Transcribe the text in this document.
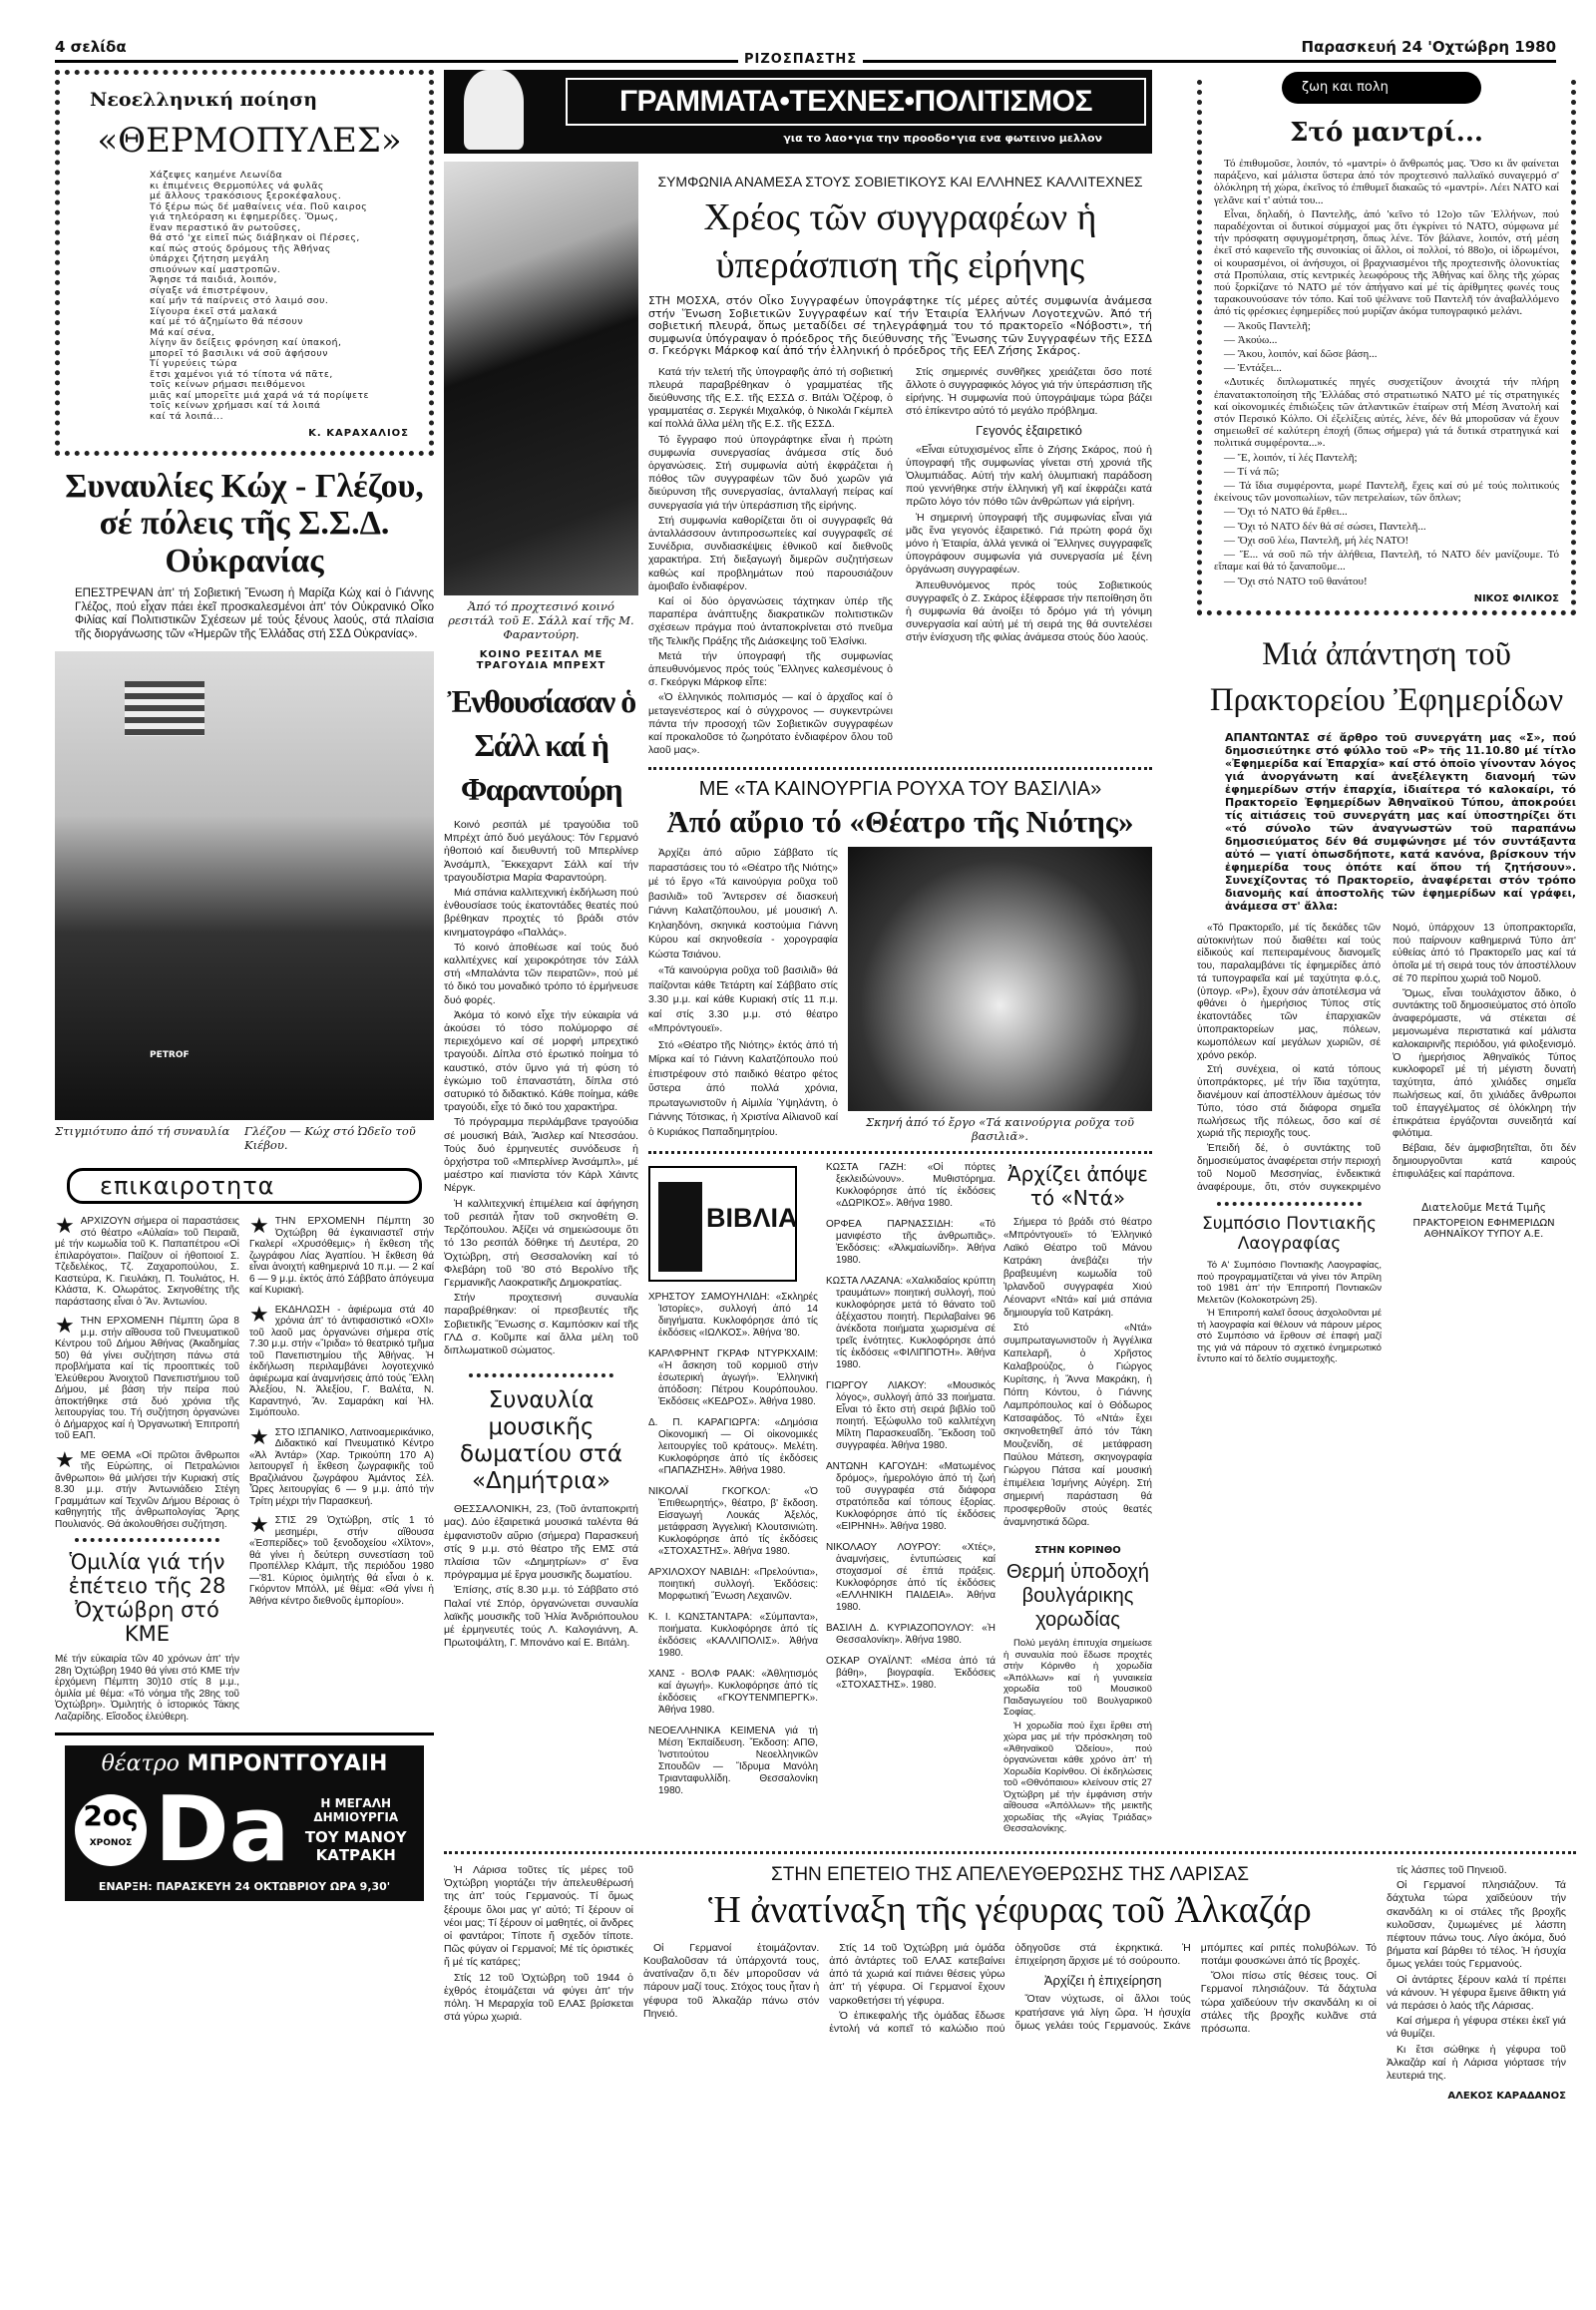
4 σελίδα
ΡΙΖΟΣΠΑΣΤΗΣ
Παρασκευή 24 'Οχτώβρη 1980
Νεοελληνική ποίηση
«ΘΕΡΜΟΠΥΛΕΣ»
Χάζεψες καημένε Λεωνίδα
κι ἐπιμένεις Θερμοπύλες νά φυλᾶς
μέ ἄλλους τρακόσιους ξεροκέφαλους.
Τό ξέρω πώς δέ μαθαίνεις νέα. Ποῦ καιρος
γιά τηλεόραση κι ἐφημερίδες. Ὅμως,
ἕναν περαστικό ἄν ρωτοῦσες,
θά στό 'χε εἰπεῖ πώς διάβηκαν οἱ Πέρσες,
καί πώς στούς δρόμους τῆς Ἀθήνας
ὑπάρχει ζήτηση μεγάλη
σπιούνων καί μαστροπῶν.
Ἄφησε τά παιδιά, λοιπόν,
σίγαξε νά ἐπιστρέψουν,
καί μήν τά παίρνεις στό λαιμό σου.
Σίγουρα ἐκεῖ στά μαλακά
καί μέ τό ἀζημίωτο θά πέσουν
Μά καί σένα,
λίγην ἄν δείξεις φρόνηση καί ὑπακοή,
μπορεῖ τό βασιλικι νά σοῦ ἀφήσουν
Τί γυρεύεις τώρα
ἔτσι χαμένοι γιά τό τίποτα νά πᾶτε,
τοῖς κείνων ρήμασι πειθόμενοι
μιᾶς καί μπορεῖτε μιά χαρά νά τά πορίψετε
τοῖς κείνων χρήμασι καί τά λοιπά
καί τά λοιπά...
Κ. ΚΑΡΑΧΑΛΙΟΣ
Συναυλίες Κώχ - Γλέζου, σέ πόλεις τῆς Σ.Σ.Δ. Οὐκρανίας
ΕΠΕΣΤΡΕΨΑΝ ἀπ' τή Σοβιετική Ἕνωση ἡ Μαρίζα Κώχ καί ὁ Γιάννης Γλέζος, πού εἶχαν πάει ἐκεῖ προσκαλεσμένοι ἀπ' τόν Οὐκρανικό Οἶκο Φιλίας καί Πολιτιστικῶν Σχέσεων μέ τούς ξένους λαούς, στά πλαίσια τῆς διοργάνωσης τῶν «Ἡμερῶν τῆς Ἑλλάδας στή ΣΣΔ Οὐκρανίας».
PETROF
Στιγμιότυπο ἀπό τή συναυλία	Γλέζου — Κώχ στό Ὠδεῖο τοῦ Κιέβου.
επικαιροτητα
★ ΑΡΧΙΖΟΥΝ σήμερα οἱ παραστάσεις στό θέατρο «Αὐλαία» τοῦ Πειραιᾶ, μέ τήν κωμωδία τοῦ Κ. Παπαπέτρου «Οἱ ἐπιλαρόγατοι». Παίζουν οἱ ἠθοποιοί Σ. Τζεδελέκος, Τζ. Ζαχαροπούλου, Σ. Καστεύρα, Κ. Γιευλάκη, Π. Τουλιάτος, Η. Κλάστα, Κ. Ολωράτος. Σκηνοθέτης τῆς παράστασης εἶναι ὁ Ἄν. Ἀντωνίου.
★ ΤΗΝ ΕΡΧΟΜΕΝΗ Πέμπτη ὥρα 8 μ.μ. στήν αἴθουσα τοῦ Πνευματικοῦ Κέντρου τοῦ Δήμου Ἀθήνας (Ἀκαδημίας 50) θά γίνει συζήτηση πάνω στά προβλήματα καί τίς προοπτικές τοῦ Ἐλεύθερου Ἀνοιχτοῦ Πανεπιστήμιου τοῦ Δήμου, μέ βάση τήν πείρα πού ἀποκτήθηκε στά δυό χρόνια τῆς λειτουργίας του. Τή συζήτηση ὀργανώνει ὁ Δήμαρχος καί ἡ Ὀργανωτική Ἐπιτροπή τοῦ ΕΑΠ.
★ ΜΕ ΘΕΜΑ «Οἱ πρῶτοι ἄνθρωποι τῆς Εὐρώπης, οἱ Πετραλώνιοι ἄνθρωποι» θά μιλήσει τήν Κυριακή στίς 8.30 μ.μ. στήν Ἀντωνιάδειο Στέγη Γραμμάτων καί Τεχνῶν Δήμου Βέροιας ὁ καθηγητής τῆς ἀνθρωπολογίας Ἄρης Πουλιανός. Θά ἀκολουθήσει συζήτηση.
Ὁμιλία γιά τήν ἐπέτειο τῆς 28 Ὀχτώβρη στό ΚΜΕ
Μέ τήν εὐκαιρία τῶν 40 χρόνων ἀπ' τήν 28η Ὀχτώβρη 1940 θά γίνει στό ΚΜΕ τήν ἐρχόμενη Πέμπτη 30)10 στίς 8 μ.μ., ὁμιλία μέ θέμα: «Τό νόημα τῆς 28ης τοῦ Ὀχτώβρη». Ὁμιλητής ὁ ἱστορικός Τάκης Λαζαρίδης. Εἴσοδος ἐλεύθερη.
★ ΤΗΝ ΕΡΧΟΜΕΝΗ Πέμπτη 30 Ὀχτώβρη θά ἐγκαινιαστεῖ στήν Γκαλερί «Χρυσόθεμις» ἡ ἔκθεση τῆς ζωγράφου Λίας Ἀγαπίου. Ἡ ἔκθεση θά εἶναι ἀνοιχτή καθημερινά 10 π.μ. — 2 καί 6 — 9 μ.μ. ἐκτός ἀπό Σάββατο ἀπόγευμα καί Κυριακή.
★ ΕΚΔΗΛΩΣΗ - ἀφιέρωμα στά 40 χρόνια ἀπ' τό ἀντιφασιστικό «ΟΧΙ» τοῦ λαοῦ μας ὀργανώνει σήμερα στίς 7.30 μ.μ. στήν «Ἴριδα» τό θεατρικό τμῆμα τοῦ Πανεπιστημίου τῆς Ἀθήνας. Ἡ ἐκδήλωση περιλαμβάνει λογοτεχνικό ἀφιέρωμα καί ἀναμνήσεις ἀπό τούς Ἕλλη Ἀλεξίου, Ν. Ἀλεξίου, Γ. Βαλέτα, Ν. Καραντηνό, Ἄν. Σαμαράκη καί Ἡλ. Σιμόπουλο.
★ ΣΤΟ ΙΣΠΑΝΙΚΟ, Λατινοαμερικάνικο, Διδακτικό καί Πνευματικό Κέντρο «Ἀλ Ἀντάρ» (Χαρ. Τρικούπη 170 Α) λειτουργεῖ ἡ ἔκθεση ζωγραφικῆς τοῦ Βραζιλιάνου ζωγράφου Ἀμάντος Σέλ. Ὧρες λειτουργίας 6 — 9 μ.μ. ἀπό τήν Τρίτη μέχρι τήν Παρασκευή.
★ ΣΤΙΣ 29 Ὀχτώβρη, στίς 1 τό μεσημέρι, στήν αἴθουσα «Ἑσπερίδες» τοῦ ξενοδοχείου «Χίλτον», θά γίνει ἡ δεύτερη συνεστίαση τοῦ Προπέλλερ Κλάμπ, τῆς περιόδου 1980—'81. Κύριος ὁμιλητής θά εἶναι ὁ κ. Γκόρντον Μπόλλ, μέ θέμα: «Θά γίνει ἡ Ἀθήνα κέντρο διεθνοῦς ἐμπορίου».
θέατρο ΜΠΡΟΝΤΓΟΥΑΙΗ
2ος
ΧΡΟΝΟΣ Da	Η ΜΕΓΑΛΗ ΔΗΜΙΟΥΡΓΙΑ
ΤΟΥ ΜΑΝΟΥ ΚΑΤΡΑΚΗ
ΕΝΑΡΞΗ: ΠΑΡΑΣΚΕΥΗ 24 ΟΚΤΩΒΡΙΟΥ ΩΡΑ 9,30'
ΓΡΑΜΜΑΤΑ•ΤΕΧΝΕΣ•ΠΟΛΙΤΙΣΜΟΣ
για το λαο•για την προοδο•για ενα φωτεινο μελλον
Ἀπό τό προχτεσινό κοινό ρεσιτάλ τοῦ Ε. Σάλλ καί τῆς Μ. Φαραντούρη.
ΚΟΙΝΟ ΡΕΣΙΤΑΛ ΜΕ ΤΡΑΓΟΥΔΙΑ ΜΠΡΕΧΤ
Ἐνθουσίασαν ὁ Σάλλ καί ἡ Φαραντούρη

Κοινό ρεσιτάλ μέ τραγούδια τοῦ Μπρέχτ ἀπό δυό μεγάλους: Τόν Γερμανό ἠθοποιό καί διευθυντή τοῦ Μπερλίνερ Ἀνσάμπλ, Ἔκκεχαρντ Σάλλ καί τήν τραγουδίστρια Μαρία Φαραντούρη.

Μιά σπάνια καλλιτεχνική ἐκδήλωση πού ἐνθουσίασε τούς ἑκατοντάδες θεατές πού βρέθηκαν προχτές τό βράδι στόν κινηματογράφο «Παλλάς».

Τό κοινό ἀποθέωσε καί τούς δυό καλλιτέχνες καί χειροκρότησε τόν Σάλλ στή «Μπαλάντα τῶν πειρατῶν», πού μέ τό δικό του μοναδικό τρόπο τό ἑρμήνευσε δυό φορές.

Ἀκόμα τό κοινό εἶχε τήν εὐκαιρία νά ἀκούσει τό τόσο πολύμορφο σέ περιεχόμενο καί σέ μορφή μπρεχτικό τραγούδι. Δίπλα στό ἐρωτικό ποίημα τό καυστικό, στόν ὕμνο γιά τή φύση τό ἐγκώμιο τοῦ ἐπαναστάτη, δίπλα στό σατυρικό τό διδακτικό. Κάθε ποίημα, κάθε τραγούδι, εἶχε τό δικό του χαρακτήρα.

Τό πρόγραμμα περιλάμβανε τραγούδια σέ μουσική Βάιλ, Ἄισλερ καί Ντεσσάου. Τούς δυό ἑρμηνευτές συνόδευσε ἡ ὀρχήστρα τοῦ «Μπερλίνερ Ἀνσάμπλ», μέ μαέστρο καί πιανίστα τόν Κάρλ Χάιντς Νέργκ.

Ἡ καλλιτεχνική ἐπιμέλεια καί ἀφήγηση τοῦ ρεσιτάλ ἦταν τοῦ σκηνοθέτη Θ. Τερζόπουλου. Ἀξίζει νά σημειώσουμε ὅτι τό 13ο ρεσιτάλ δόθηκε τή Δευτέρα, 20 Ὀχτώβρη, στή Θεσσαλονίκη καί τό Φλεβάρη τοῦ '80 στό Βερολίνο τῆς Γερμανικῆς Λαοκρατικῆς Δημοκρατίας.

Στήν προχτεσινή συναυλία παραβρέθηκαν: οἱ πρεσβευτές τῆς Σοβιετικῆς Ἕνωσης σ. Καμπόσκιν καί τῆς ΓΛΔ σ. Κοῦμπε καί ἄλλα μέλη τοῦ διπλωματικοῦ σώματος.

Συναυλία μουσικῆς δωματίου στά «Δημήτρια»

ΘΕΣΣΑΛΟΝΙΚΗ, 23, (Τοῦ ἀνταποκριτή μας). Δύο ἐξαιρετικά μουσικά ταλέντα θά ἐμφανιστοῦν αὔριο (σήμερα) Παρασκευή στίς 9 μ.μ. στό θέατρο τῆς ΕΜΣ στά πλαίσια τῶν «Δημητρίων» σ' ἕνα πρόγραμμα μέ ἔργα μουσικῆς δωματίου.

Ἐπίσης, στίς 8.30 μ.μ. τό Σάββατο στό Παλαί ντέ Σπόρ, ὀργανώνεται συναυλία λαϊκῆς μουσικῆς τοῦ Ἠλία Ἀνδριόπουλου μέ ἑρμηνευτές τούς Λ. Καλογιάννη, Α. Πρωτοψάλτη, Γ. Μπονάνο καί Ε. Βιτάλη.

ΣΥΜΦΩΝΙΑ ΑΝΑΜΕΣΑ ΣΤΟΥΣ ΣΟΒΙΕΤΙΚΟΥΣ ΚΑΙ ΕΛΛΗΝΕΣ ΚΑΛΛΙΤΕΧΝΕΣ
Χρέος τῶν συγγραφέων ἡ ὑπεράσπιση τῆς εἰρήνης
ΣΤΗ ΜΟΣΧΑ, στόν Οἶκο Συγγραφέων ὑπογράφτηκε τίς μέρες αὐτές συμφωνία ἀνάμεσα στήν Ἕνωση Σοβιετικῶν Συγγραφέων καί τήν Ἑταιρία Ἑλλήνων Λογοτεχνῶν. Ἀπό τή σοβιετική πλευρά, ὅπως μεταδίδει σέ τηλεγράφημά του τό πρακτορεῖο «Νόβοστι», τή συμφωνία ὑπόγραψαν ὁ πρόεδρος τῆς διεύθυνσης τῆς Ἕνωσης τῶν Συγγραφέων τῆς ΕΣΣΔ σ. Γκεόργκι Μάρκοφ καί ἀπό τήν ἑλληνική ὁ πρόεδρος τῆς ΕΕΛ Ζήσης Σκάρος.

Κατά τήν τελετή τῆς ὑπογραφῆς ἀπό τή σοβιετική πλευρά παραβρέθηκαν ὁ γραμματέας τῆς διεύθυνσης τῆς Ε.Σ. τῆς ΕΣΣΔ σ. Βιτάλι Ὀζέροφ, ὁ γραμματέας σ. Σεργκέι Μιχαλκόφ, ὁ Νικολάι Γκέμπελ καί πολλά ἄλλα μέλη τῆς Ε.Σ. τῆς ΕΣΣΔ.

Τό ἔγγραφο πού ὑπογράφτηκε εἶναι ἡ πρώτη συμφωνία συνεργασίας ἀνάμεσα στίς δυό ὀργανώσεις. Στή συμφωνία αὐτή ἐκφράζεται ἡ πόθος τῶν συγγραφέων τῶν δυό χωρῶν γιά διεύρυνση τῆς συνεργασίας, ἀνταλλαγή πείρας καί συνεργασία γιά τήν ὑπεράσπιση τῆς εἰρήνης.

Στή συμφωνία καθορίζεται ὅτι οἱ συγγραφεῖς θά ἀνταλλάσσουν ἀντιπροσωπείες καί συγγραφεῖς σέ Συνέδρια, συνδιασκέψεις ἐθνικοῦ καί διεθνοῦς χαρακτήρα. Στή διεξαγωγή διμερῶν συζητήσεων καθώς καί προβλημάτων πού παρουσιάζουν ἀμοιβαῖο ἐνδιαφέρον.

Καί οἱ δύο ὀργανώσεις τάχτηκαν ὑπέρ τῆς παραπέρα ἀνάπτυξης διακρατικῶν πολιτιστικῶν σχέσεων πράγμα πού ἀνταποκρίνεται στό πνεῦμα τῆς Τελικῆς Πράξης τῆς Διάσκεψης τοῦ Ἑλσίνκι.

Μετά τήν ὑπογραφή τῆς συμφωνίας ἀπευθυνόμενος πρός τούς Ἕλληνες καλεσμένους ὁ σ. Γκεόργκι Μάρκοφ εἶπε:

«Ὁ ἑλληνικός πολιτισμός — καί ὁ ἀρχαῖος καί ὁ μεταγενέστερος καί ὁ σύγχρονος — συγκεντρώνει πάντα τήν προσοχή τῶν Σοβιετικῶν συγγραφέων καί προκαλοῦσε τό ζωηρότατο ἐνδιαφέρον ὅλου τοῦ λαοῦ μας».

Στίς σημερινές συνθῆκες χρειάζεται ὅσο ποτέ ἄλλοτε ὁ συγγραφικός λόγος γιά τήν ὑπεράσπιση τῆς εἰρήνης. Ἡ συμφωνία πού ὑπογράψαμε τώρα βάζει στό ἐπίκεντρο αὐτό τό μεγάλο πρόβλημα.

Γεγονός ἐξαιρετικό

«Εἶναι εὐτυχισμένος εἶπε ὁ Ζήσης Σκάρος, πού ἡ ὑπογραφή τῆς συμφωνίας γίνεται στή χρονιά τῆς Ὀλυμπιάδας. Αὐτή τήν καλή ὀλυμπιακή παράδοση πού γεννήθηκε στήν ἑλληνική γῆ καί ἐκφράζει κατά πρῶτο λόγο τόν πόθο τῶν ἀνθρώπων γιά εἰρήνη.

Ἡ σημερινή ὑπογραφή τῆς συμφωνίας εἶναι γιά μᾶς ἕνα γεγονός ἐξαιρετικό. Γιά πρώτη φορά ὄχι μόνο ἡ Ἑταιρία, ἀλλά γενικά οἱ Ἕλληνες συγγραφεῖς ὑπογράφουν συμφωνία γιά συνεργασία μέ ξένη ὀργάνωση συγγραφέων.

Ἀπευθυνόμενος πρός τούς Σοβιετικούς συγγραφεῖς ὁ Ζ. Σκάρος ἐξέφρασε τήν πεποίθηση ὅτι ἡ συμφωνία θά ἀνοίξει τό δρόμο γιά τή γόνιμη συνεργασία καί αὐτή μέ τή σειρά της θά συντελέσει στήν ἐνίσχυση τῆς φιλίας ἀνάμεσα στούς δύο λαούς.

ΜΕ «ΤΑ ΚΑΙΝΟΥΡΓΙΑ ΡΟΥΧΑ ΤΟΥ ΒΑΣΙΛΙΑ»
Ἀπό αὔριο τό «Θέατρο τῆς Νιότης»

Ἀρχίζει ἀπό αὔριο Σάββατο τίς παραστάσεις του τό «Θέατρο τῆς Νιότης» μέ τό ἔργο «Τά καινούργια ροῦχα τοῦ βασιλιᾶ» τοῦ Ἄντερσεν σέ διασκευή Γιάννη Καλατζόπουλου, μέ μουσική Λ. Κηλαηδόνη, σκηνικά κοστούμια Γιάννη Κύρου καί σκηνοθεσία - χορογραφία Κώστα Τσιάνου.

«Τά καινούργια ροῦχα τοῦ βασιλιᾶ» θά παίζονται κάθε Τετάρτη καί Σάββατο στίς 3.30 μ.μ. καί κάθε Κυριακή στίς 11 π.μ. καί στίς 3.30 μ.μ. στό θέατρο «Μπρόντγουεϊ».

Στό «Θέατρο τῆς Νιότης» ἐκτός ἀπό τή Μίρκα καί τό Γιάννη Καλατζόπουλο πού ἐπιστρέφουν στό παιδικό θέατρο φέτος ὕστερα ἀπό πολλά χρόνια, πρωταγωνιστοῦν ἡ Αἰμιλία Ὑψηλάντη, ὁ Γιάννης Τότσικας, ἡ Χριστίνα Αἰλιανοῦ καί ὁ Κυριάκος Παπαδημητρίου.

Σκηνή ἀπό τό ἔργο «Τά καινούργια ροῦχα τοῦ βασιλιᾶ».
ΒΙΒΛΙΑ
ΧΡΗΣΤΟΥ ΣΑΜΟΥΗΛΙΔΗ: «Σκληρές Ἱστορίες», συλλογή ἀπό 14 διηγήματα. Κυκλοφόρησε ἀπό τίς ἐκδόσεις «ΙΩΛΚΟΣ». Ἀθήνα '80.
ΚΑΡΛΦΡΗΝΤ ΓΚΡΑΦ ΝΤΥΡΚΧΑΙΜ: «Ἡ ἄσκηση τοῦ κορμιοῦ στήν ἐσωτερική ἀγωγή». Ἑλληνική ἀπόδοση: Πέτρου Κουρόπουλου. Ἐκδόσεις «ΚΕΔΡΟΣ». Ἀθήνα 1980.
Δ. Π. ΚΑΡΑΓΙΩΡΓΑ: «Δημόσια Οἰκονομική — Οἱ οἰκονομικές λειτουργίες τοῦ κράτους». Μελέτη. Κυκλοφόρησε ἀπό τίς ἐκδόσεις «ΠΑΠΑΖΗΣΗ». Ἀθήνα 1980.
ΝΙΚΟΛΑΪ ΓΚΟΓΚΟΛ: «Ὁ Ἐπιθεωρητής», θέατρο, β' ἔκδοση. Εἰσαγωγή Λουκάς Ἀξελός, μετάφραση Ἀγγελική Κλουτσινιώτη. Κυκλοφόρησε ἀπό τίς ἐκδόσεις «ΣΤΟΧΑΣΤΗΣ». Ἀθήνα 1980.
ΑΡΧΙΛΟΧΟΥ ΝΑΒΙΔΗ: «Πρελούντια», ποιητική συλλογή. Ἐκδόσεις: Μορφωτική Ἕνωση Λεχαινῶν.
Κ. Ι. ΚΩΝΣΤΑΝΤΑΡΑ: «Σύμπαντα», ποιήματα. Κυκλοφόρησε ἀπό τίς ἐκδόσεις «ΚΑΛΛΙΠΟΛΙΣ». Ἀθήνα 1980.
ΧΑΝΣ - ΒΟΛΦ ΡΑΑΚ: «Ἀθλητισμός καί ἀγωγή». Κυκλοφόρησε ἀπό τίς ἐκδόσεις «ΓΚΟΥΤΕΝΜΠΕΡΓΚ». Ἀθήνα 1980.
ΝΕΟΕΛΛΗΝΙΚΑ ΚΕΙΜΕΝΑ γιά τή Μέση Ἐκπαίδευση. Ἔκδοση: ΑΠΘ, Ἰνστιτούτου Νεοελληνικῶν Σπουδῶν — Ἵδρυμα Μανόλη Τριανταφυλλίδη. Θεσσαλονίκη 1980.
ΚΩΣΤΑ ΓΑΖΗ: «Οἱ πόρτες ξεκλειδώνουν». Μυθιστόρημα. Κυκλοφόρησε ἀπό τίς ἐκδόσεις «ΔΩΡΙΚΟΣ». Ἀθήνα 1980.
ΟΡΦΕΑ ΠΑΡΝΑΣΣΙΔΗ: «Τό μανιφέστο τῆς ἀνθρωπιᾶς». Ἐκδόσεις: «Ἀλκμαίωνίδη». Ἀθήνα 1980.
ΚΩΣΤΑ ΛΑΖΑΝΑ: «Χαλκιδαίος κρύπτη τραυμάτων» ποιητική συλλογή, πού κυκλοφόρησε μετά τό θάνατο τοῦ ἀξέχαστου ποιητή. Περιλαβαίνει 96 ἀνέκδοτα ποιήματα χωρισμένα σέ τρεῖς ἑνότητες. Κυκλοφόρησε ἀπό τίς ἐκδόσεις «ΦΙΛΙΠΠΟΤΗ». Ἀθήνα 1980.
ΓΙΩΡΓΟΥ ΛΙΑΚΟΥ: «Μουσικός λόγος», συλλογή ἀπό 33 ποιήματα. Εἶναι τό ἕκτο στή σειρά βιβλίο τοῦ ποιητή. Ἐξώφυλλο τοῦ καλλιτέχνη Μίλτη Παρασκευαΐδη. Ἔκδοση τοῦ συγγραφέα. Ἀθήνα 1980.
ΑΝΤΩΝΗ ΚΑΓΟΥΔΗ: «Ματωμένος δρόμος», ἡμερολόγιο ἀπό τή ζωή τοῦ συγγραφέα στά διάφορα στρατόπεδα καί τόπους ἐξορίας. Κυκλοφόρησε ἀπό τίς ἐκδόσεις «ΕΙΡΗΝΗ». Ἀθήνα 1980.
ΝΙΚΟΛΑΟΥ ΛΟΥΡΟΥ: «Χτές», ἀναμνήσεις, ἐντυπώσεις καί στοχασμοί σέ ἑπτά πράξεις. Κυκλοφόρησε ἀπό τίς ἐκδόσεις «ΕΛΛΗΝΙΚΗ ΠΑΙΔΕΙΑ». Ἀθήνα 1980.
ΒΑΣΙΛΗ Δ. ΚΥΡΙΑΖΟΠΟΥΛΟΥ: «Ἡ Θεσσαλονίκη». Ἀθήνα 1980.
ΟΣΚΑΡ ΟΥΑΪΛΝΤ: «Μέσα ἀπό τά βάθη», βιογραφία. Ἐκδόσεις «ΣΤΟΧΑΣΤΗΣ». 1980.
Ἀρχίζει ἀπόψε τό «Ντά»

Σήμερα τό βράδι στό θέατρο «Μπρόντγουεϊ» τό Ἑλληνικό Λαϊκό Θέατρο τοῦ Μάνου Κατράκη ἀνεβάζει τήν βραβευμένη κωμωδία τοῦ Ἰρλανδοῦ συγγραφέα Χιού Λέοναρντ «Ντά» καί μιά σπάνια δημιουργία τοῦ Κατράκη.

Στό «Ντά» συμπρωταγωνιστοῦν ἡ Ἀγγέλικα Καπελαρῆ, ὁ Χρῆστος Καλαβρούζος, ὁ Γιώργος Κυρίτσης, ἡ Ἄννα Μακράκη, ἡ Πόπη Κόντου, ὁ Γιάννης Λαμπρόπουλος καί ὁ Θόδωρος Κατσαφάδος. Τό «Ντά» ἔχει σκηνοθετηθεῖ ἀπό τόν Τάκη Μουζενίδη, σέ μετάφραση Παύλου Μάτεση, σκηνογραφία Γιώργου Πάτσα καί μουσική ἐπιμέλεια Ἰσμήνης Αὐγέρη. Στή σημερινή παράσταση θά προσφερθοῦν στούς θεατές ἀναμνηστικά δῶρα.

ΣΤΗΝ ΚΟΡΙΝΘΟ
Θερμή ὑποδοχή βουλγάρικης χορωδίας

Πολύ μεγάλη ἐπιτυχία σημείωσε ἡ συναυλία πού ἔδωσε προχτές στήν Κόρινθο ἡ χορωδία «Ἀπόλλων» καί ἡ γυναικεία χορωδία τοῦ Μουσικοῦ Παιδαγωγείου τοῦ Βουλγαρικοῦ Σοφίας.

Ἡ χορωδία πού ἔχει ἔρθει στή χώρα μας μέ τήν πρόσκληση τοῦ «Ἀθηναϊκοῦ Ὠδείου», πού ὀργανώνεται κάθε χρόνο ἀπ' τή Χορωδία Κορίνθου. Οἱ ἐκδηλώσεις τοῦ «Θθνόπαιου» κλείνουν στίς 27 Ὀχτώβρη μέ τήν ἐμφάνιση στήν αἴθουσα «Ἀπόλλων» τῆς μεικτῆς χορωδίας τῆς «Ἁγίας Τριάδας» Θεσσαλονίκης.

ζωη και πολη
Στό μαντρί...

Τό ἐπιθυμοῦσε, λοιπόν, τό «μαντρί» ὁ ἄνθρωπός μας. Ὅσο κι ἄν φαίνεται παράξενο, καί μάλιστα ὕστερα ἀπό τόν προχτεσινό παλλαϊκό συναγερμό σ' ὁλόκληρη τή χώρα, ἐκεῖνος τό ἐπιθυμεῖ διακαῶς τό «μαντρί». Λέει ΝΑΤΟ καί γελᾶνε καί τ' αὐτιά του...

Εἶναι, δηλαδή, ὁ Παντελῆς, ἀπό 'κεῖνο τό 12ο)ο τῶν Ἑλλήνων, πού παραδέχονται οἱ δυτικοί σύμμαχοί μας ὅτι ἐγκρίνει τό ΝΑΤΟ, σύμφωνα μέ τήν πρόσφατη σφυγμομέτρηση, ὅπως λένε. Τόν βάλανε, λοιπόν, στή μέση ἐκεῖ στό καφενεῖο τῆς συνοικίας οἱ ἄλλοι, οἱ πολλοί, τό 88ο)ο, οἱ ἱδρωμένοι, οἱ κουρασμένοι, οἱ ἀνήσυχοι, οἱ βραχνιασμένοι τῆς προχτεσινῆς ὁλονυκτίας στά Προπύλαια, στίς κεντρικές λεωφόρους τῆς Ἀθήνας καί ὅλης τῆς χώρας πού ξορκίζανε τό ΝΑΤΟ μέ τόν ἀπήγανο καί μέ τίς ἀρίθμητες φωνές τους ταρακουνούσανε τόν τόπο. Καί τοῦ ψέλνανε τοῦ Παντελῆ τόν ἀναβαλλόμενο ἀπό τίς φρέσκιες ἐφημερίδες πού μυρίζαν ἀκόμα τυπογραφικό μελάνι.

— Ἀκοῦς Παντελῆ;

— Ἀκούω...

— Ἄκου, λοιπόν, καί δῶσε βάση...

— Ἐντάξει...

«Δυτικές διπλωματικές πηγές συσχετίζουν ἀνοιχτά τήν πλήρη ἐπανατακτοποίηση τῆς Ἑλλάδας στό στρατιωτικό ΝΑΤΟ μέ τίς στρατηγικές καί οἰκονομικές ἐπιδιώξεις τῶν ἀτλαντικῶν ἑταίρων στή Μέση Ἀνατολή καί στόν Περσικό Κόλπο. Οἱ ἐξελίξεις αὐτές, λένε, δέν θά μποροῦσαν νά ἔχουν σημειωθεῖ σέ καλύτερη ἐποχή (ὅπως σήμερα) γιά τά δυτικά στρατηγικά καί πολιτικά συμφέροντα...».

— Ἔ, λοιπόν, τί λές Παντελῆ;

— Τί νά πῶ;

— Τά ἴδια συμφέροντα, μωρέ Παντελῆ, ἔχεις καί σύ μέ τούς πολιτικούς ἐκείνους τῶν μονοπωλίων, τῶν πετρελαίων, τῶν ὅπλων;

— Ὄχι τό ΝΑΤΟ θά ἔρθει...

— Ὅχι τό ΝΑΤΟ δέν θά σέ σώσει, Παντελῆ...

— Ὄχι σοῦ λέω, Παντελῆ, μή λές ΝΑΤΟ!

— Ἔ... νά σοῦ πῶ τήν ἀλήθεια, Παντελῆ, τό ΝΑΤΟ δέν μανίζουμε. Τό εἴπαμε καί θά τό ξαναποῦμε...

— Ὄχι στό ΝΑΤΟ τοῦ θανάτου!

ΝΙΚΟΣ ΦΙΛΙΚΟΣ
Μιά ἀπάντηση τοῦ Πρακτορείου Ἐφημερίδων
ΑΠΑΝΤΩΝΤΑΣ σέ ἄρθρο τοῦ συνεργάτη μας «Σ», πού δημοσιεύτηκε στό φύλλο τοῦ «Ρ» τῆς 11.10.80 μέ τίτλο «Ἐφημερίδα καί Ἐπαρχία» καί στό ὁποῖο γίνονταν λόγος γιά ἀνοργάνωτη καί ἀνεξέλεγκτη διανομή τῶν ἐφημερίδων στήν ἐπαρχία, ἰδιαίτερα τό καλοκαίρι, τό Πρακτορεῖο Ἐφημερίδων Ἀθηναϊκοῦ Τύπου, ἀποκρούει τίς αἰτιάσεις τοῦ συνεργάτη μας καί ὑποστηρίζει ὅτι «τό σύνολο τῶν ἀναγνωστῶν τοῦ παραπάνω δημοσιεύματος δέν θά συμφώνησε μέ τόν συντάξαντα αὐτό — γιατί ὁπωσδήποτε, κατά κανόνα, βρίσκουν τήν ἐφημερίδα τους ὁπότε καί ὅπου τή ζητήσουν». Συνεχίζοντας τό Πρακτορεῖο, ἀναφέρεται στόν τρόπο διανομῆς καί ἀποστολῆς τῶν ἐφημερίδων καί γράφει, ἀνάμεσα στ' ἄλλα:

«Τό Πρακτορεῖο, μέ τίς δεκάδες τῶν αὐτοκινήτων πού διαθέτει καί τούς εἰδικούς καί πεπειραμένους διανομεῖς του, παραλαμβάνει τίς ἐφημερίδες ἀπό τά τυπογραφεῖα καί μέ ταχύτητα φ.ό.ς, (ὑπογρ. «Ρ»), ἔχουν σάν ἀποτέλεσμα νά φθάνει ὁ ἡμερήσιος Τύπος στίς ἑκατοντάδες τῶν ἐπαρχιακῶν ὑποπρακτορείων μας, πόλεων, κωμοπόλεων καί μεγάλων χωριῶν, σέ χρόνο ρεκόρ.

Στή συνέχεια, οἱ κατά τόπους ὑποπράκτορες, μέ τήν ἴδια ταχύτητα, διανέμουν καί ἀποστέλλουν ἀμέσως τόν Τύπο, τόσο στά διάφορα σημεῖα πωλήσεως τῆς πόλεως, ὅσο καί σέ χωριά τῆς περιοχῆς τους.

Ἐπειδή δέ, ὁ συντάκτης τοῦ δημοσιεύματος ἀναφέρεται στήν περιοχή τοῦ Νομοῦ Μεσσηνίας, ἐνδεικτικά ἀναφέρουμε, ὅτι, στόν συγκεκριμένο Νομό, ὑπάρχουν 13 ὑποπρακτορεῖα, πού παίρνουν καθημερινά Τύπο ἀπ' εὐθείας ἀπό τό Πρακτορεῖο μας καί τά ὁποῖα μέ τή σειρά τους τόν ἀποστέλλουν σέ 70 περίπου χωριά τοῦ Νομοῦ.

Ὅμως, εἶναι τουλάχιστον ἄδικο, ὁ συντάκτης τοῦ δημοσιεύματος στό ὁποῖο ἀναφερόμαστε, νά στέκεται σέ μεμονωμένα περιστατικά καί μάλιστα καλοκαιρινῆς περιόδου, γιά φιλοξενισμό. Ὁ ἡμερήσιος Ἀθηναϊκός Τύπος κυκλοφορεῖ μέ τή μέγιστη δυνατή ταχύτητα, ἀπό χιλιάδες σημεῖα πωλήσεως καί, ὅτι χιλιάδες ἄνθρωποι τοῦ ἐπαγγέλματος σέ ὁλόκληρη τήν ἐπικράτεια ἐργάζονται συνειδητά καί φιλότιμα.

Βέβαια, δέν ἀμφισβητεῖται, ὅτι δέν δημιουργοῦνται κατά καιρούς ἐπιφυλάξεις καί παράπονα.

Συμπόσιο Ποντιακῆς Λαογραφίας

Τό Α' Συμπόσιο Ποντιακῆς Λαογραφίας, πού προγραμματίζεται νά γίνει τόν Ἀπρίλη τοῦ 1981 ἀπ' τήν Ἐπιτροπή Ποντιακῶν Μελετῶν (Κολοκοτρώνη 25).

Ἡ Ἐπιτροπή καλεῖ ὅσους ἀσχολοῦνται μέ τή λαογραφία καί θέλουν νά πάρουν μέρος στό Συμπόσιο νά ἔρθουν σέ ἐπαφή μαζί της γιά νά πάρουν τό σχετικό ἐνημερωτικό ἔντυπο καί τό δελτίο συμμετοχῆς.

Διατελοῦμε Μετά Τιμῆς
ΠΡΑΚΤΟΡΕΙΟΝ ΕΦΗΜΕΡΙΔΩΝ ΑΘΗΝΑΪΚΟΥ ΤΥΠΟΥ Α.Ε.

Ἡ Λάρισα τοῦτες τίς μέρες τοῦ Ὀχτώβρη γιορτάζει τήν ἀπελευθέρωσή της ἀπ' τούς Γερμανούς. Τί ὅμως ξέρουμε ὅλοι μας γι' αὐτό; Τί ξέρουν οἱ νέοι μας; Τί ξέρουν οἱ μαθητές, οἱ ἄνδρες οἱ φαντάροι; Τίποτε ἤ σχεδόν τίποτε. Πῶς φύγαν οἱ Γερμανοί; Μέ τίς ὁριστικές ἤ μέ τίς κατάρες;

Στίς 12 τοῦ Ὀχτώβρη τοῦ 1944 ὁ ἐχθρός ἑτοιμάζεται νά φύγει ἀπ' τήν πόλη. Ἡ Μεραρχία τοῦ ΕΛΑΣ βρίσκεται στά γύρω χωριά.

ΣΤΗΝ ΕΠΕΤΕΙΟ ΤΗΣ ΑΠΕΛΕΥΘΕΡΩΣΗΣ ΤΗΣ ΛΑΡΙΣΑΣ
Ἡ ἀνατίναξη τῆς γέφυρας τοῦ Ἀλκαζάρ

Οἱ Γερμανοί ἑτοιμάζονταν. Κουβαλοῦσαν τά ὑπάρχοντά τους, ἀνατίναζαν ὅ,τι δέν μποροῦσαν νά πάρουν μαζί τους. Στόχος τους ἦταν ἡ γέφυρα τοῦ Ἀλκαζάρ πάνω στόν Πηνειό.

Στίς 14 τοῦ Ὀχτώβρη μιά ὁμάδα ἀπό ἀντάρτες τοῦ ΕΛΑΣ κατεβαίνει ἀπό τά χωριά καί πιάνει θέσεις γύρω ἀπ' τή γέφυρα. Οἱ Γερμανοί ἔχουν ναρκοθετήσει τή γέφυρα.

Ὁ ἐπικεφαλής τῆς ὁμάδας ἔδωσε ἐντολή νά κοπεῖ τό καλώδιο πού ὁδηγοῦσε στά ἐκρηκτικά. Ἡ ἐπιχείρηση ἄρχισε μέ τό σούρουπο.

Ἀρχίζει ἡ ἐπιχείρηση

Ὅταν νύχτωσε, οἱ ἄλλοι τούς κρατήσανε γιά λίγη ὥρα. Ἡ ἡσυχία ὅμως γελάει τούς Γερμανούς. Σκάνε μπόμπες καί ριπές πολυβόλων. Τό ποτάμι φουσκώνει ἀπό τίς βροχές.

Ὅλοι πίσω στίς θέσεις τους. Οἱ Γερμανοί πλησιάζουν. Τά δάχτυλα τώρα χαϊδεύουν τήν σκανδάλη κι οἱ στάλες τῆς βροχῆς κυλᾶνε στά πρόσωπα.

τίς λάσπες τοῦ Πηνειοῦ.

Οἱ Γερμανοί πλησιάζουν. Τά δάχτυλα τώρα χαϊδεύουν τήν σκανδάλη κι οἱ στάλες τῆς βροχῆς κυλοῦσαν, ζυμωμένες μέ λάσπη πέφτουν πάνω τους. Λίγο ἀκόμα, δυό βήματα καί βάρθει τό τέλος. Ἡ ἡσυχία ὅμως γελάει τούς Γερμανούς.

Οἱ ἀντάρτες ξέρουν καλά τί πρέπει νά κάνουν. Ἡ γέφυρα ἔμεινε ἄθικτη γιά νά περάσει ὁ λαός τῆς Λάρισας.

Καί σήμερα ἡ γέφυρα στέκει ἐκεῖ γιά νά θυμίζει.

Κι ἔτσι σώθηκε ἡ γέφυρα τοῦ Ἀλκαζάρ καί ἡ Λάρισα γιόρτασε τήν λευτεριά της.

ΑΛΕΚΟΣ ΚΑΡΑΔΑΝΟΣ
